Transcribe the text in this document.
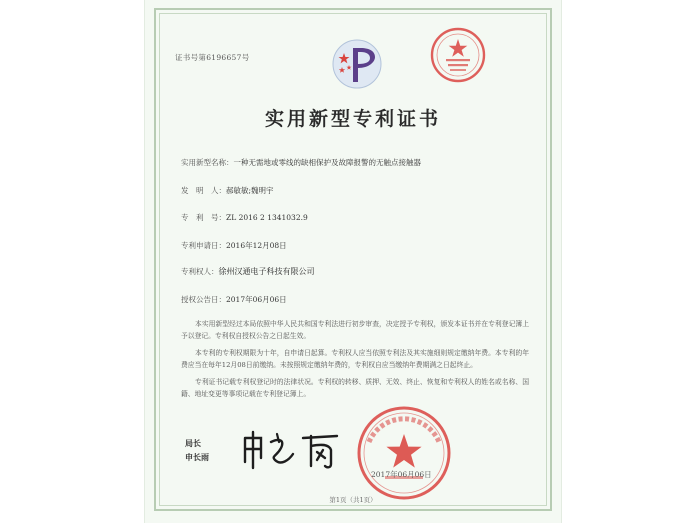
证书号第6196657号
实用新型专利证书
实用新型名称：一种无需地或零线的缺相保护及故障报警的无触点接触器
发　明　人：郝敏敏;魏明宇
专　利　号：ZL 2016 2 1341032.9
专利申请日：2016年12月08日
专利权人：徐州汉通电子科技有限公司
授权公告日：2017年06月06日

本实用新型经过本局依照中华人民共和国专利法进行初步审查，决定授予专利权，颁发本证书并在专利登记簿上予以登记。专利权自授权公告之日起生效。

本专利的专利权期限为十年，自申请日起算。专利权人应当依照专利法及其实施细则规定缴纳年费。本专利的年费应当在每年12月08日前缴纳。未按照规定缴纳年费的，专利权自应当缴纳年费期满之日起终止。

专利证书记载专利权登记时的法律状况。专利权的转移、质押、无效、终止、恢复和专利权人的姓名或名称、国籍、地址变更等事项记载在专利登记簿上。

局长
申长雨
2017年06月06日
第1页（共1页）
